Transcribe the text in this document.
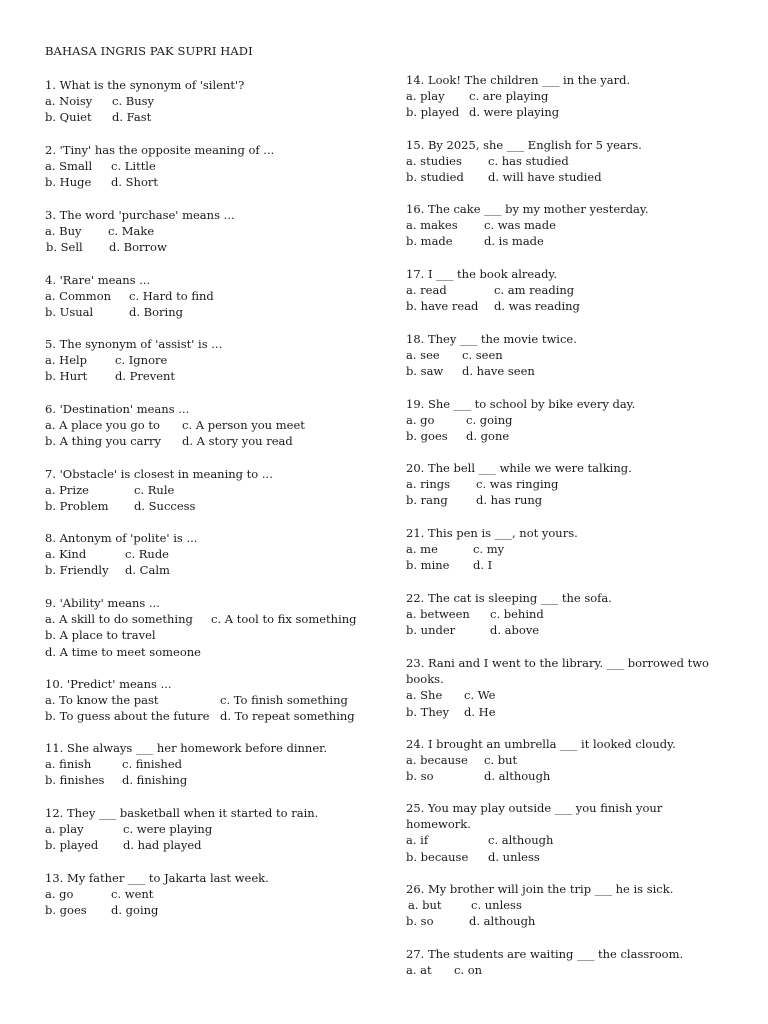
BAHASA INGRIS PAK SUPRI HADI
1. What is the synonym of 'silent'?
a. Noisy c. Busy
b. Quiet d. Fast
2. 'Tiny' has the opposite meaning of ...
a. Small c. Little
b. Huge d. Short
3. The word 'purchase' means ...
a. Buy c. Make
b. Sell d. Borrow
4. 'Rare' means ...
a. Common c. Hard to find
b. Usual	d. Boring
5. The synonym of 'assist' is ...
a. Help c. Ignore
b. Hurt d. Prevent
6. 'Destination' means ...
a. A place you go to c. A person you meet
b. A thing you carry d. A story you read
7. 'Obstacle' is closest in meaning to ...
a. Prize	c. Rule
b. Problem d. Success
8. Antonym of 'polite' is ...
a. Kind	c. Rude
b. Friendly d. Calm
9. 'Ability' means ...
a. A skill to do something c. A tool to fix something
b. A place to traveld. A time to meet someone
10. 'Predict' means ...
a. To know the past	c. To finish something
b. To guess about the future d. To repeat something
11. She always ___ her homework before dinner.
a. finish	c. finished
b. finishes d. finishing
12. They ___ basketball when it started to rain.
a. play	c. were playing
b. played d. had played
13. My father ___ to Jakarta last week.
a. go	c. went
b. goes d. going
14. Look! The children ___ in the yard.
a. play c. are playing
b. played d. were playing
15. By 2025, she ___ English for 5 years.
a. studies c. has studied
b. studied d. will have studied
16. The cake ___ by my mother yesterday.
a. makes c. was made
b. made	d. is made
17. I ___ the book already.
a. read	c. am reading
b. have read d. was reading
18. They ___ the movie twice.
a. see c. seen
b. saw d. have seen
19. She ___ to school by bike every day.
a. go	c. going
b. goes d. gone
20. The bell ___ while we were talking.
a. rings c. was ringing
b. rang d. has rung
21. This pen is ___, not yours.
a. me	c. my
b. mine d. I
22. The cat is sleeping ___ the sofa.
a. between c. behind
b. under	d. above
23. Rani and I went to the library. ___ borrowed two books.
a. She c. We
b. They d. He
24. I brought an umbrella ___ it looked cloudy.
a. because c. but
b. so	d. although
25. You may play outside ___ you finish your homework.
a. if	c. although
b. because d. unless
26. My brother will join the trip ___ he is sick.
a. but	c. unless
b. so	d. although
27. The students are waiting ___ the classroom.
a. at c. on
